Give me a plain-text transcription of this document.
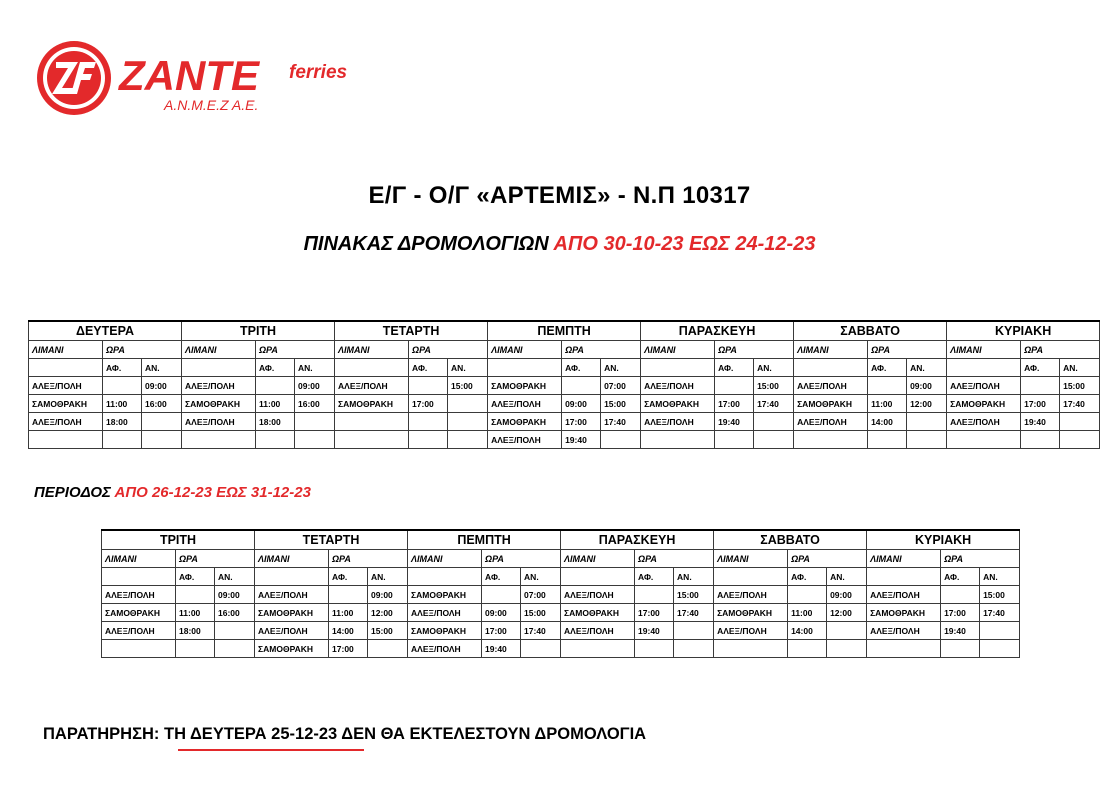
ZANTE ferries
A.N.M.E.Z A.E.
Ε/Γ - Ο/Γ «ΑΡΤΕΜΙΣ» - Ν.Π 10317
ΠΙΝΑΚΑΣ ΔΡΟΜΟΛΟΓΙΩΝ ΑΠΟ 30-10-23 ΕΩΣ 24-12-23
ΔΕΥΤΕΡΑ			ΤΡΙΤΗ			ΤΕΤΑΡΤΗ			ΠΕΜΠΤΗ			ΠΑΡΑΣΚΕΥΗ			ΣΑΒΒΑΤΟ			ΚΥΡΙΑΚΗ		
ΛΙΜΑΝΙ	ΩΡΑ		ΛΙΜΑΝΙ	ΩΡΑ		ΛΙΜΑΝΙ	ΩΡΑ		ΛΙΜΑΝΙ	ΩΡΑ		ΛΙΜΑΝΙ	ΩΡΑ		ΛΙΜΑΝΙ	ΩΡΑ		ΛΙΜΑΝΙ	ΩΡΑ	
	ΑΦ.	ΑΝ.		ΑΦ.	ΑΝ.		ΑΦ.	ΑΝ.		ΑΦ.	ΑΝ.		ΑΦ.	ΑΝ.		ΑΦ.	ΑΝ.		ΑΦ.	ΑΝ.
ΑΛΕΞ/ΠΟΛΗ		09:00	ΑΛΕΞ/ΠΟΛΗ		09:00	ΑΛΕΞ/ΠΟΛΗ		15:00	ΣΑΜΟΘΡΑΚΗ		07:00	ΑΛΕΞ/ΠΟΛΗ		15:00	ΑΛΕΞ/ΠΟΛΗ		09:00	ΑΛΕΞ/ΠΟΛΗ		15:00
ΣΑΜΟΘΡΑΚΗ	11:00	16:00	ΣΑΜΟΘΡΑΚΗ	11:00	16:00	ΣΑΜΟΘΡΑΚΗ	17:00		ΑΛΕΞ/ΠΟΛΗ	09:00	15:00	ΣΑΜΟΘΡΑΚΗ	17:00	17:40	ΣΑΜΟΘΡΑΚΗ	11:00	12:00	ΣΑΜΟΘΡΑΚΗ	17:00	17:40
ΑΛΕΞ/ΠΟΛΗ	18:00		ΑΛΕΞ/ΠΟΛΗ	18:00					ΣΑΜΟΘΡΑΚΗ	17:00	17:40	ΑΛΕΞ/ΠΟΛΗ	19:40		ΑΛΕΞ/ΠΟΛΗ	14:00		ΑΛΕΞ/ΠΟΛΗ	19:40	
									ΑΛΕΞ/ΠΟΛΗ	19:40										
ΠΕΡΙΟΔΟΣ ΑΠΟ 26-12-23 ΕΩΣ 31-12-23
ΤΡΙΤΗ			ΤΕΤΑΡΤΗ			ΠΕΜΠΤΗ			ΠΑΡΑΣΚΕΥΗ			ΣΑΒΒΑΤΟ			ΚΥΡΙΑΚΗ		
ΛΙΜΑΝΙ	ΩΡΑ		ΛΙΜΑΝΙ	ΩΡΑ		ΛΙΜΑΝΙ	ΩΡΑ		ΛΙΜΑΝΙ	ΩΡΑ		ΛΙΜΑΝΙ	ΩΡΑ		ΛΙΜΑΝΙ	ΩΡΑ	
	ΑΦ.	ΑΝ.		ΑΦ.	ΑΝ.		ΑΦ.	ΑΝ.		ΑΦ.	ΑΝ.		ΑΦ.	ΑΝ.		ΑΦ.	ΑΝ.
ΑΛΕΞ/ΠΟΛΗ		09:00	ΑΛΕΞ/ΠΟΛΗ		09:00	ΣΑΜΟΘΡΑΚΗ		07:00	ΑΛΕΞ/ΠΟΛΗ		15:00	ΑΛΕΞ/ΠΟΛΗ		09:00	ΑΛΕΞ/ΠΟΛΗ		15:00
ΣΑΜΟΘΡΑΚΗ	11:00	16:00	ΣΑΜΟΘΡΑΚΗ	11:00	12:00	ΑΛΕΞ/ΠΟΛΗ	09:00	15:00	ΣΑΜΟΘΡΑΚΗ	17:00	17:40	ΣΑΜΟΘΡΑΚΗ	11:00	12:00	ΣΑΜΟΘΡΑΚΗ	17:00	17:40
ΑΛΕΞ/ΠΟΛΗ	18:00		ΑΛΕΞ/ΠΟΛΗ	14:00	15:00	ΣΑΜΟΘΡΑΚΗ	17:00	17:40	ΑΛΕΞ/ΠΟΛΗ	19:40		ΑΛΕΞ/ΠΟΛΗ	14:00		ΑΛΕΞ/ΠΟΛΗ	19:40	
			ΣΑΜΟΘΡΑΚΗ	17:00		ΑΛΕΞ/ΠΟΛΗ	19:40										
ΠΑΡΑΤΗΡΗΣΗ: ΤΗ ΔΕΥΤΕΡΑ 25-12-23 ΔΕΝ ΘΑ ΕΚΤΕΛΕΣΤΟΥΝ ΔΡΟΜΟΛΟΓΙΑ
